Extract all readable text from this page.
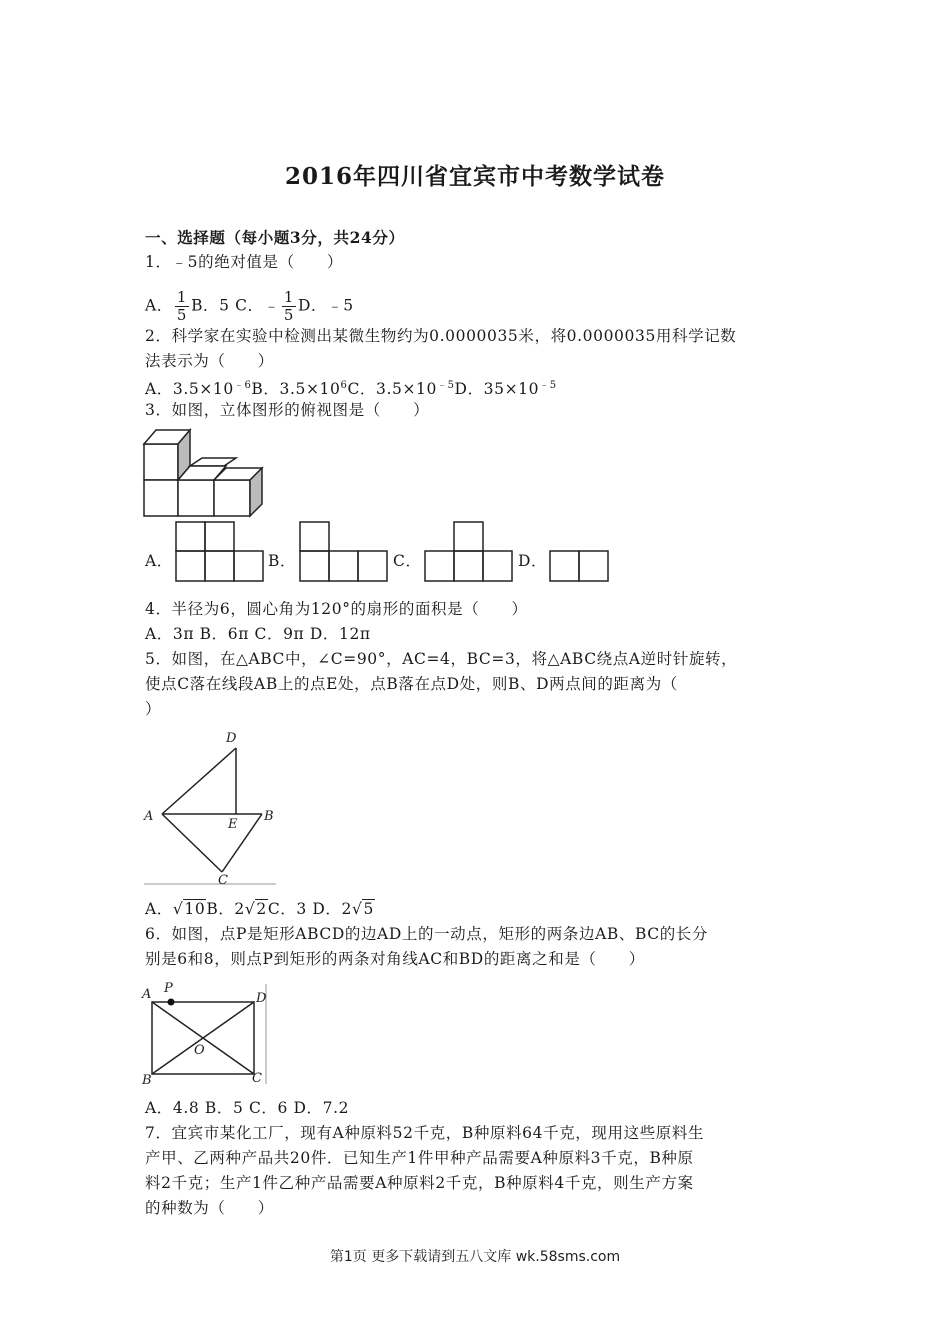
2016年四川省宜宾市中考数学试卷
一、选择题（每小题3分，共24分）
1．﹣5的绝对值是（　　）
A． $\frac{1}{5}$ B．5 C．﹣ $\frac{1}{5}$ D．﹣5
2．科学家在实验中检测出某微生物约为0.0000035米，将0.0000035用科学记数
法表示为（　　）
A．$3.5\times 10^{﹣6}B$．$3.5\times 10^6C$．$3.5\times 10^{﹣5}D$．$35\times 10^{﹣5}$
3．如图，立体图形的俯视图是（　　）
A．	B．	C．	D．
4．半径为6，圆心角为120°的扇形的面积是（　　）
A．3π B．6π C．9π D．12π
5．如图，在△ABC中，∠C=90°，AC=4，BC=3，将△ABC绕点A逆时针旋转，
使点C落在线段AB上的点E处，点B落在点D处，则B、D两点间的距离为（
）
D
A
E
B
C
A．√10B．2√2C．3 D．2√5
6．如图，点P是矩形ABCD的边AD上的一动点，矩形的两条边AB、BC的长分
别是6和8，则点P到矩形的两条对角线AC和BD的距离之和是（　　）
A P
D
O
B	C
A．4.8 B．5 C．6 D．7.2
7．宜宾市某化工厂，现有A种原料52千克，B种原料64千克，现用这些原料生
产甲、乙两种产品共20件．已知生产1件甲种产品需要A种原料3千克，B种原
料2千克；生产1件乙种产品需要A种原料2千克，B种原料4千克，则生产方案
的种数为（　　）
第1页 更多下载请到五八文库 wk.58sms.com
